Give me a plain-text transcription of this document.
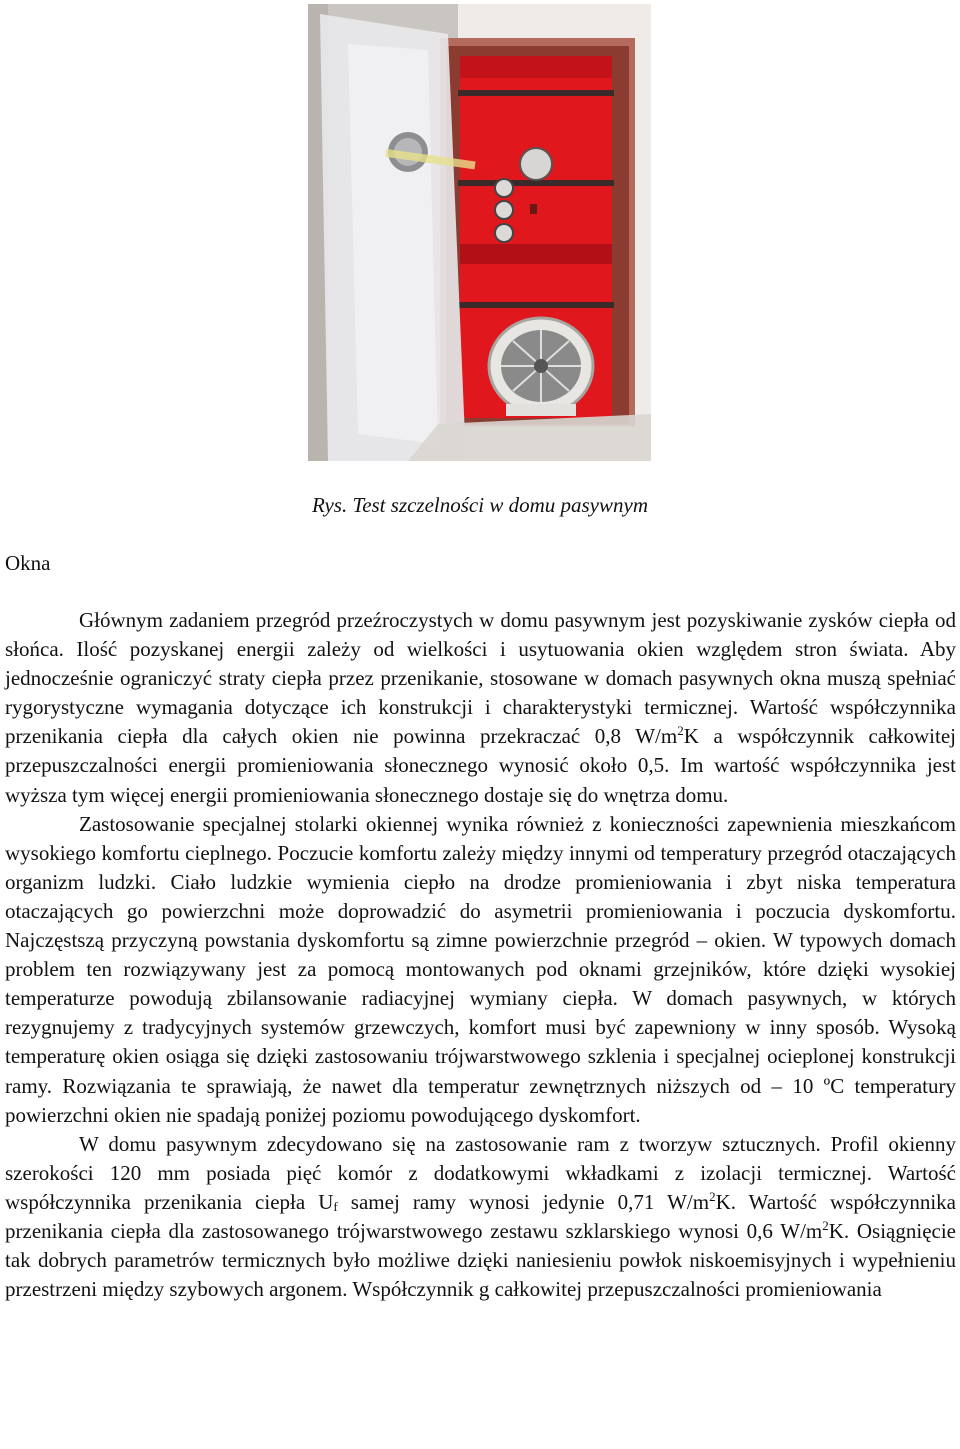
Rys. Test szczelności w domu pasywnym
Okna

Głównym zadaniem przegród przeźroczystych w domu pasywnym jest pozyskiwanie zysków ciepła od słońca. Ilość pozyskanej energii zależy od wielkości i usytuowania okien względem stron świata. Aby jednocześnie ograniczyć straty ciepła przez przenikanie, stosowane w domach pasywnych okna muszą spełniać rygorystyczne wymagania dotyczące ich konstrukcji i charakterystyki termicznej. Wartość współczynnika przenikania ciepła dla całych okien nie powinna przekraczać 0,8 $W/m^2K$ a współczynnik całkowitej przepuszczalności energii promieniowania słonecznego wynosić około 0,5. Im wartość współczynnika jest wyższa tym więcej energii promieniowania słonecznego dostaje się do wnętrza domu.

Zastosowanie specjalnej stolarki okiennej wynika również z konieczności zapewnienia mieszkańcom wysokiego komfortu cieplnego. Poczucie komfortu zależy między innymi od temperatury przegród otaczających organizm ludzki. Ciało ludzkie wymienia ciepło na drodze promieniowania i zbyt niska temperatura otaczających go powierzchni może doprowadzić do asymetrii promieniowania i poczucia dyskomfortu. Najczęstszą przyczyną powstania dyskomfortu są zimne powierzchnie przegród – okien. W typowych domach problem ten rozwiązywany jest za pomocą montowanych pod oknami grzejników, które dzięki wysokiej temperaturze powodują zbilansowanie radiacyjnej wymiany ciepła. W domach pasywnych, w których rezygnujemy z tradycyjnych systemów grzewczych, komfort musi być zapewniony w inny sposób. Wysoką temperaturę okien osiąga się dzięki zastosowaniu trójwarstwowego szklenia i specjalnej ocieplonej konstrukcji ramy. Rozwiązania te sprawiają, że nawet dla temperatur zewnętrznych niższych od – 10 ºC temperatury powierzchni okien nie spadają poniżej poziomu powodującego dyskomfort.

W domu pasywnym zdecydowano się na zastosowanie ram z tworzyw sztucznych. Profil okienny szerokości 120 mm posiada pięć komór z dodatkowymi wkładkami z izolacji termicznej. Wartość współczynnika przenikania ciepła $U_f$ samej ramy wynosi jedynie 0,71 $W/m^2K$. Wartość współczynnika przenikania ciepła dla zastosowanego trójwarstwowego zestawu szklarskiego wynosi 0,6 $W/m^2K$. Osiągnięcie tak dobrych parametrów termicznych było możliwe dzięki naniesieniu powłok niskoemisyjnych i wypełnieniu przestrzeni między szybowych argonem. Współczynnik g całkowitej przepuszczalności promieniowania
